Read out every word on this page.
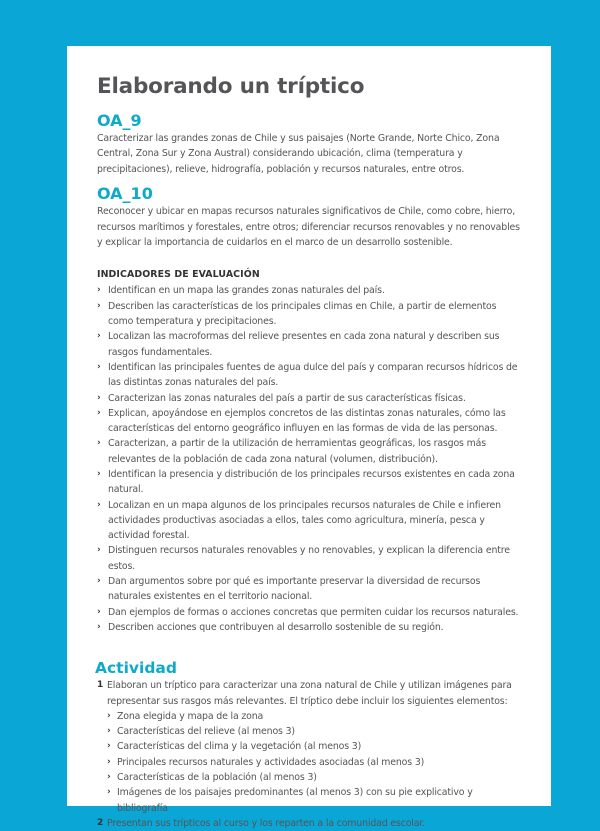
Elaborando un tríptico
OA_9

Caracterizar las grandes zonas de Chile y sus paisajes (Norte Grande, Norte Chico, Zona Central, Zona Sur y Zona Austral) considerando ubicación, clima (temperatura y precipitaciones), relieve, hidrografía, población y recursos naturales, entre otros.

OA_10

Reconocer y ubicar en mapas recursos naturales significativos de Chile, como cobre, hierro, recursos marítimos y forestales, entre otros; diferenciar recursos renovables y no renovables y explicar la importancia de cuidarlos en el marco de un desarrollo sostenible.

INDICADORES DE EVALUACIÓN
› Identifican en un mapa las grandes zonas naturales del país.
› Describen las características de los principales climas en Chile, a partir de elementos como temperatura y precipitaciones.
› Localizan las macroformas del relieve presentes en cada zona natural y describen sus rasgos fundamentales.
› Identifican las principales fuentes de agua dulce del país y comparan recursos hídricos de las distintas zonas naturales del país.
› Caracterizan las zonas naturales del país a partir de sus características físicas.
› Explican, apoyándose en ejemplos concretos de las distintas zonas naturales, cómo las características del entorno geográfico influyen en las formas de vida de las personas.
› Caracterizan, a partir de la utilización de herramientas geográficas, los rasgos más relevantes de la población de cada zona natural (volumen, distribución).
› Identifican la presencia y distribución de los principales recursos existentes en cada zona natural.
› Localizan en un mapa algunos de los principales recursos naturales de Chile e infieren actividades productivas asociadas a ellos, tales como agricultura, minería, pesca y actividad forestal.
› Distinguen recursos naturales renovables y no renovables, y explican la diferencia entre estos.
› Dan argumentos sobre por qué es importante preservar la diversidad de recursos naturales existentes en el territorio nacional.
› Dan ejemplos de formas o acciones concretas que permiten cuidar los recursos naturales.
› Describen acciones que contribuyen al desarrollo sostenible de su región.
Actividad
1 Elaboran un tríptico para caracterizar una zona natural de Chile y utilizan imágenes para representar sus rasgos más relevantes. El tríptico debe incluir los siguientes elementos:
› Zona elegida y mapa de la zona
› Características del relieve (al menos 3)
› Características del clima y la vegetación (al menos 3)
› Principales recursos naturales y actividades asociadas (al menos 3)
› Características de la población (al menos 3)
› Imágenes de los paisajes predominantes (al menos 3) con su pie explicativo y bibliografía
2 Presentan sus trípticos al curso y los reparten a la comunidad escolar.
